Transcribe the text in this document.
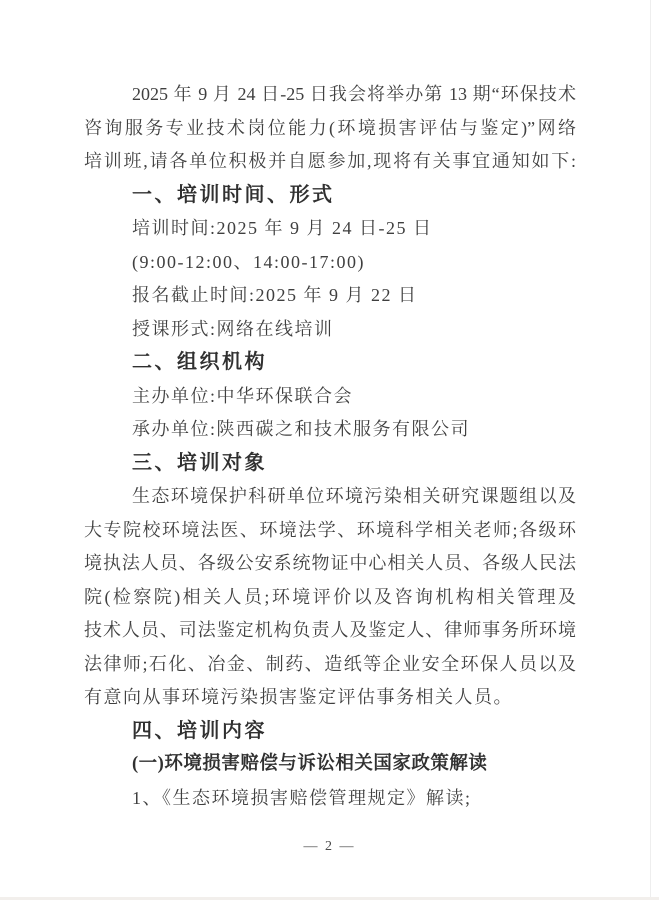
2025 年 9 月 24 日-25 日我会将举办第 13 期“环保技术
咨询服务专业技术岗位能力(环境损害评估与鉴定)”网络
培训班,请各单位积极并自愿参加,现将有关事宜通知如下:
一、培训时间、形式
培训时间:2025 年 9 月 24 日-25 日
(9:00-12:00、14:00-17:00)
报名截止时间:2025 年 9 月 22 日
授课形式:网络在线培训
二、组织机构
主办单位:中华环保联合会
承办单位:陕西碳之和技术服务有限公司
三、培训对象
生态环境保护科研单位环境污染相关研究课题组以及
大专院校环境法医、环境法学、环境科学相关老师;各级环
境执法人员、各级公安系统物证中心相关人员、各级人民法
院(检察院)相关人员;环境评价以及咨询机构相关管理及
技术人员、司法鉴定机构负责人及鉴定人、律师事务所环境
法律师;石化、冶金、制药、造纸等企业安全环保人员以及
有意向从事环境污染损害鉴定评估事务相关人员。
四、培训内容
(一)环境损害赔偿与诉讼相关国家政策解读
1、《生态环境损害赔偿管理规定》解读;
— 2 —
